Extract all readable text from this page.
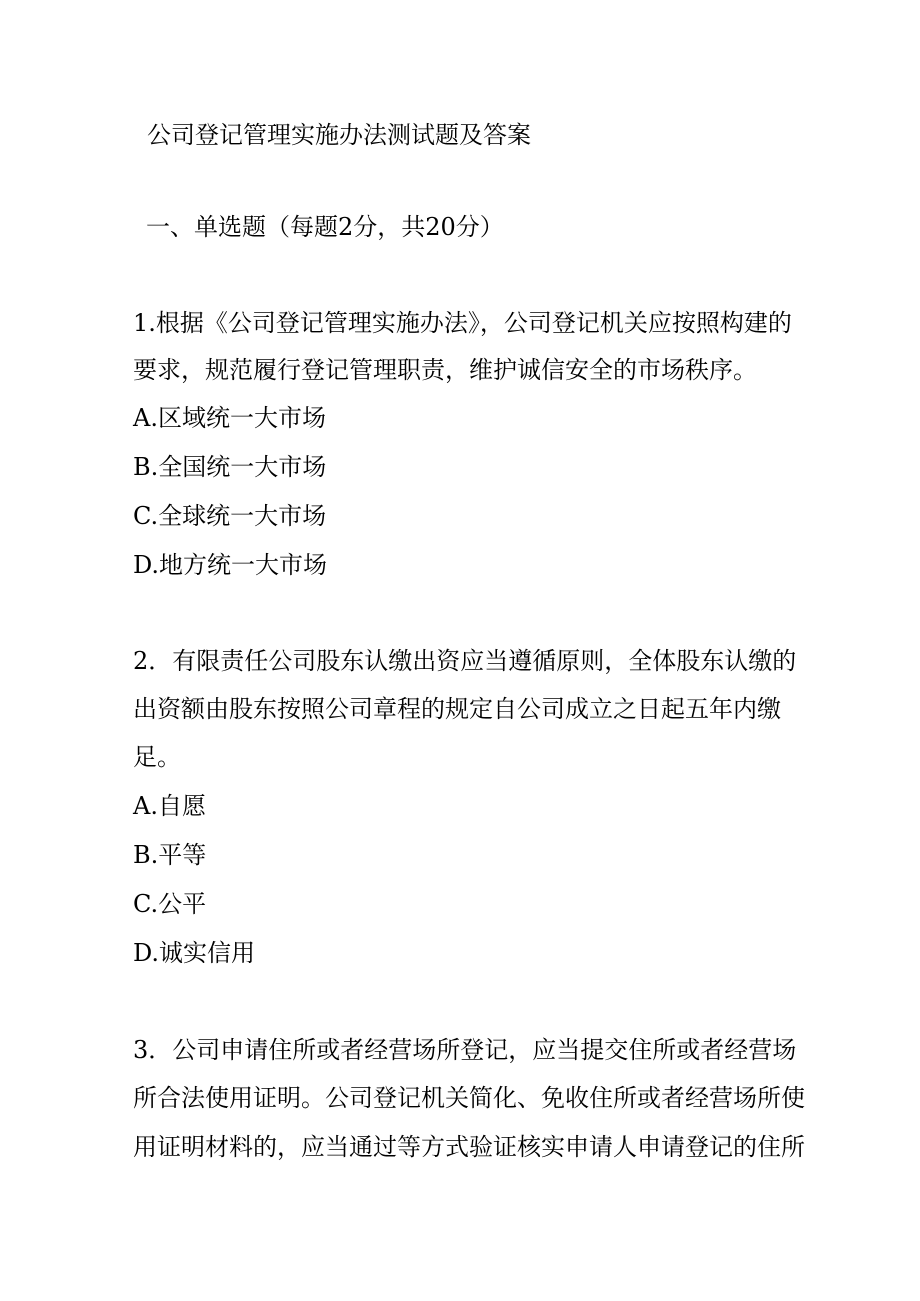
公司登记管理实施办法测试题及答案

一、单选题（每题2分，共20分）

1.根据《公司登记管理实施办法》，公司登记机关应按照构建的

要求，规范履行登记管理职责，维护诚信安全的市场秩序。

A.区域统一大市场

B.全国统一大市场

C.全球统一大市场

D.地方统一大市场

2．有限责任公司股东认缴出资应当遵循原则，全体股东认缴的

出资额由股东按照公司章程的规定自公司成立之日起五年内缴

足。

A.自愿

B.平等

C.公平

D.诚实信用

3．公司申请住所或者经营场所登记，应当提交住所或者经营场

所合法使用证明。公司登记机关简化、免收住所或者经营场所使

用证明材料的，应当通过等方式验证核实申请人申请登记的住所
